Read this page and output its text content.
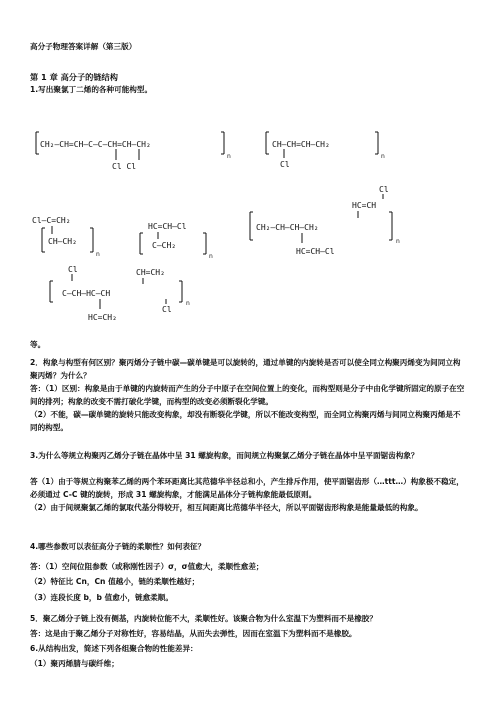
高分子物理答案详解（第三版）
第 1 章 高分子的链结构
1.写出聚氯丁二烯的各种可能构型。
CH₂–CH=CH–C–C–CH=CH–CH₂
Cl Cl
n
CH–CH=CH–CH₂
Cl
n
Cl–C=CH₂
CH–CH₂
n
HC=CH–Cl
C–CH₂
n
Cl
HC=CH
CH₂–CH–CH–CH₂
n
HC=CH–Cl
Cl	CH=CH₂
C–CH–HC–CH
n
Cl
HC=CH₂
等。
2．构象与构型有何区别？聚丙烯分子链中碳—碳单键是可以旋转的，通过单键的内旋转是否可以使全同立构聚丙烯变为间同立构聚丙烯？为什么？
答：（1）区别：构象是由于单键的内旋转而产生的分子中原子在空间位置上的变化，而构型则是分子中由化学键所固定的原子在空间的排列；构象的改变不需打破化学键，而构型的改变必须断裂化学键。
（2）不能，碳—碳单键的旋转只能改变构象，却没有断裂化学键，所以不能改变构型，而全同立构聚丙烯与间同立构聚丙烯是不同的构型。
3.为什么等规立构聚丙乙烯分子链在晶体中呈 31 螺旋构象，而间规立构聚氯乙烯分子链在晶体中呈平面锯齿构象？
答（1）由于等规立构聚苯乙烯的两个苯环距离比其范德华半径总和小，产生排斥作用，使平面锯齿形（…ttt…）构象极不稳定，必须通过 C-C 键的旋转，形成 31 螺旋构象，才能满足晶体分子链构象能最低原则。
（2）由于间规聚氯乙烯的氯取代基分得较开，相互间距离比范德华半径大，所以平面锯齿形构象是能量最低的构象。
4.哪些参数可以表征高分子链的柔顺性？如何表征？
答：（1）空间位阻参数（或称刚性因子）σ，σ值愈大，柔顺性愈差；
（2）特征比 Cn，Cn 值越小，链的柔顺性越好；
（3）连段长度 b，b 值愈小，链愈柔顺。
5．聚乙烯分子链上没有侧基，内旋转位能不大，柔顺性好。该聚合物为什么室温下为塑料而不是橡胶？
答：这是由于聚乙烯分子对称性好，容易结晶，从而失去弹性，因而在室温下为塑料而不是橡胶。
6.从结构出发，简述下列各组聚合物的性能差异：
（1）聚丙烯腈与碳纤维；
